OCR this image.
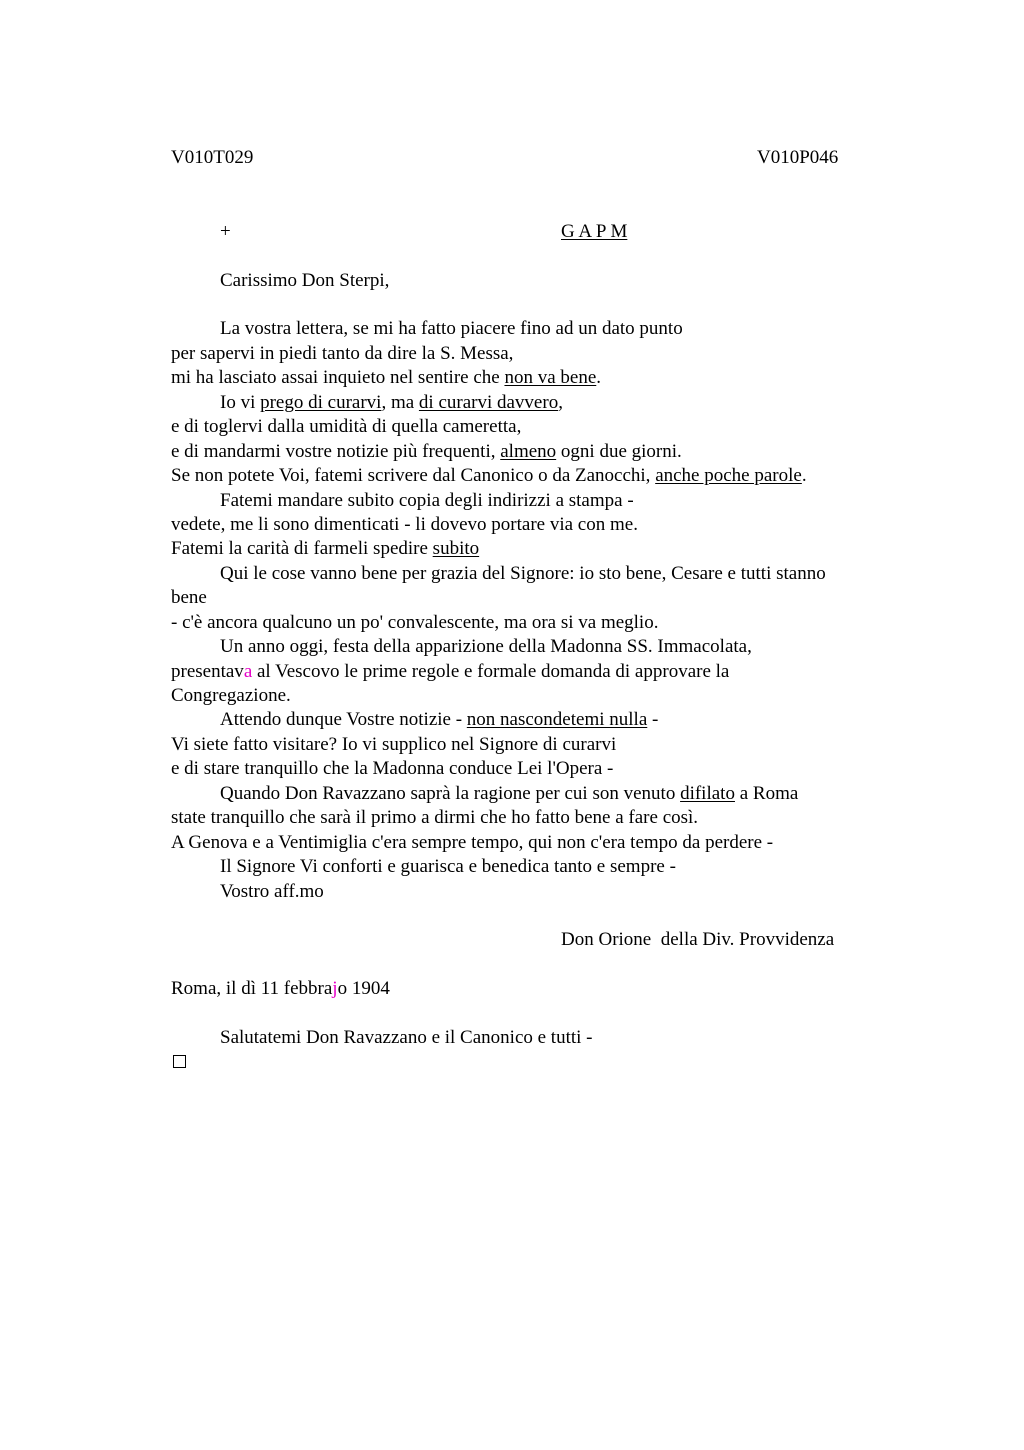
V010T029	V010P046
+	G A P M
Carissimo Don Sterpi,
La vostra lettera, se mi ha fatto piacere fino ad un dato punto
per sapervi in piedi tanto da dire la S. Messa,
mi ha lasciato assai inquieto nel sentire che non va bene.
Io vi prego di curarvi, ma di curarvi davvero,
e di toglervi dalla umidità di quella cameretta,
e di mandarmi vostre notizie più frequenti, almeno ogni due giorni.
Se non potete Voi, fatemi scrivere dal Canonico o da Zanocchi, anche poche parole.
Fatemi mandare subito copia degli indirizzi a stampa -
vedete, me li sono dimenticati - li dovevo portare via con me.
Fatemi la carità di farmeli spedire subito
Qui le cose vanno bene per grazia del Signore: io sto bene, Cesare e tutti stanno
bene
- c'è ancora qualcuno un po' convalescente, ma ora si va meglio.
Un anno oggi, festa della apparizione della Madonna SS. Immacolata,
presentava al Vescovo le prime regole e formale domanda di approvare la
Congregazione.
Attendo dunque Vostre notizie - non nascondetemi nulla -
Vi siete fatto visitare? Io vi supplico nel Signore di curarvi
e di stare tranquillo che la Madonna conduce Lei l'Opera -
Quando Don Ravazzano saprà la ragione per cui son venuto difilato a Roma
state tranquillo che sarà il primo a dirmi che ho fatto bene a fare così.
A Genova e a Ventimiglia c'era sempre tempo, qui non c'era tempo da perdere -
Il Signore Vi conforti e guarisca e benedica tanto e sempre -
Vostro aff.mo
Don Orione  della Div. Provvidenza
Roma, il dì 11 febbrajo 1904
Salutatemi Don Ravazzano e il Canonico e tutti -
